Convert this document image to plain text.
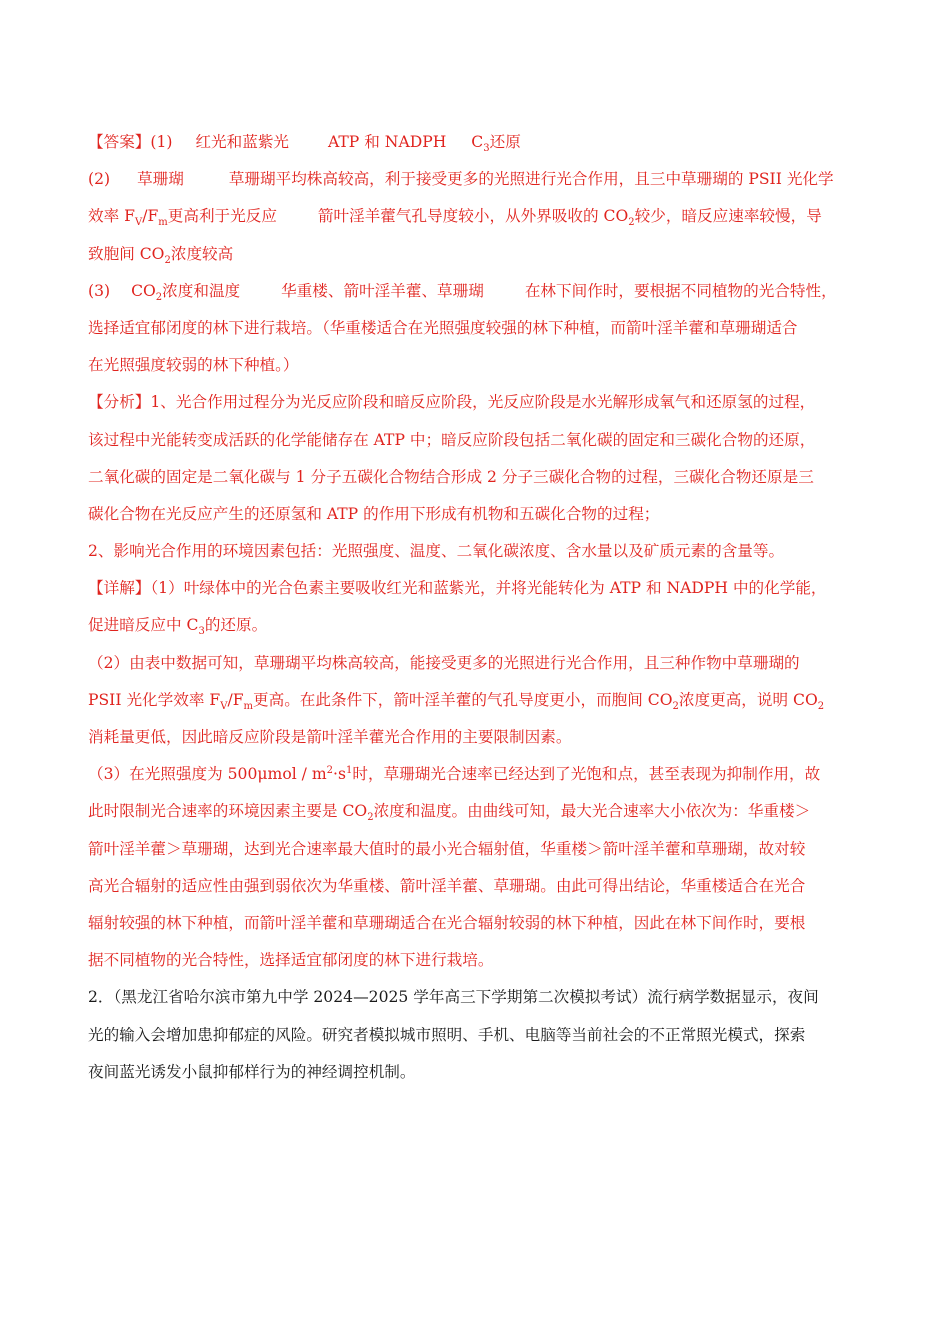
【答案】(1) 红光和蓝紫光 ATP 和 NADPH $C_3$还原
(2) 草珊瑚	草珊瑚平均株高较高，利于接受更多的光照进行光合作用，且三中草珊瑚的 PSII 光化学
效率 $F_V/F_m$更高利于光反应	箭叶淫羊藿气孔导度较小，从外界吸收的 $CO_2$较少，暗反应速率较慢，导
致胞间 $CO_2$浓度较高
(3) $CO_2$浓度和温度	华重楼、箭叶淫羊藿、草珊瑚	在林下间作时，要根据不同植物的光合特性，
选择适宜郁闭度的林下进行栽培。（华重楼适合在光照强度较强的林下种植，而箭叶淫羊藿和草珊瑚适合
在光照强度较弱的林下种植。）
【分析】1、光合作用过程分为光反应阶段和暗反应阶段，光反应阶段是水光解形成氧气和还原氢的过程，
该过程中光能转变成活跃的化学能储存在 ATP 中；暗反应阶段包括二氧化碳的固定和三碳化合物的还原，
二氧化碳的固定是二氧化碳与 1 分子五碳化合物结合形成 2 分子三碳化合物的过程，三碳化合物还原是三
碳化合物在光反应产生的还原氢和 ATP 的作用下形成有机物和五碳化合物的过程；
2、影响光合作用的环境因素包括：光照强度、温度、二氧化碳浓度、含水量以及矿质元素的含量等。
【详解】（1）叶绿体中的光合色素主要吸收红光和蓝紫光，并将光能转化为 ATP 和 NADPH 中的化学能，
促进暗反应中 $C_3$的还原。
（2）由表中数据可知，草珊瑚平均株高较高，能接受更多的光照进行光合作用，且三种作物中草珊瑚的
PSII 光化学效率 $F_V/F_m$更高。在此条件下，箭叶淫羊藿的气孔导度更小，而胞间 $CO_2$浓度更高，说明 $CO_2$
消耗量更低，因此暗反应阶段是箭叶淫羊藿光合作用的主要限制因素。
（3）在光照强度为 $500\mu mol / m^2\cdot s^1$时，草珊瑚光合速率已经达到了光饱和点，甚至表现为抑制作用，故
此时限制光合速率的环境因素主要是 $CO_2$浓度和温度。由曲线可知，最大光合速率大小依次为：华重楼＞
箭叶淫羊藿＞草珊瑚，达到光合速率最大值时的最小光合辐射值，华重楼＞箭叶淫羊藿和草珊瑚，故对较
高光合辐射的适应性由强到弱依次为华重楼、箭叶淫羊藿、草珊瑚。由此可得出结论，华重楼适合在光合
辐射较强的林下种植，而箭叶淫羊藿和草珊瑚适合在光合辐射较弱的林下种植，因此在林下间作时，要根
据不同植物的光合特性，选择适宜郁闭度的林下进行栽培。
2．（黑龙江省哈尔滨市第九中学 2024—2025 学年高三下学期第二次模拟考试）流行病学数据显示，夜间
光的输入会增加患抑郁症的风险。研究者模拟城市照明、手机、电脑等当前社会的不正常照光模式，探索
夜间蓝光诱发小鼠抑郁样行为的神经调控机制。
